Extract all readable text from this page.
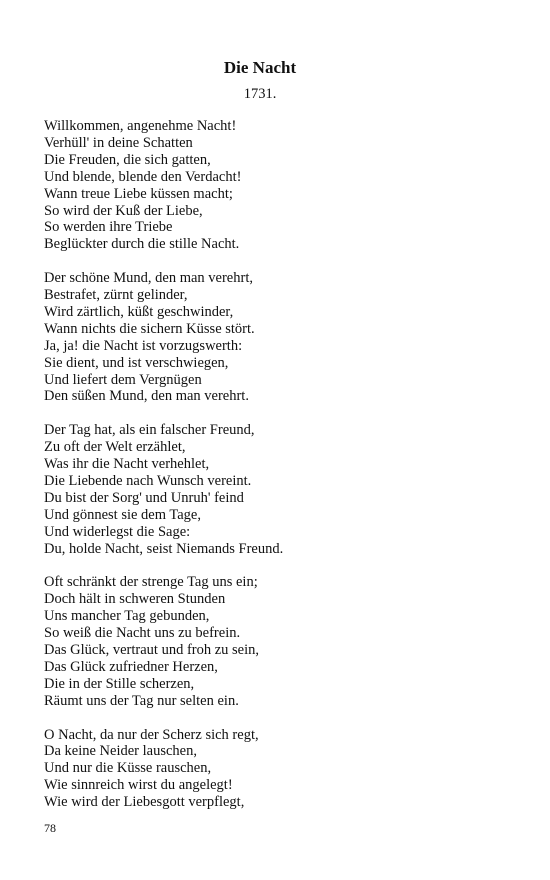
Die Nacht
1731.
Willkommen, angenehme Nacht!
Verhüll' in deine Schatten
Die Freuden, die sich gatten,
Und blende, blende den Verdacht!
Wann treue Liebe küssen macht;
So wird der Kuß der Liebe,
So werden ihre Triebe
Beglückter durch die stille Nacht.
Der schöne Mund, den man verehrt,
Bestrafet, zürnt gelinder,
Wird zärtlich, küßt geschwinder,
Wann nichts die sichern Küsse stört.
Ja, ja! die Nacht ist vorzugswerth:
Sie dient, und ist verschwiegen,
Und liefert dem Vergnügen
Den süßen Mund, den man verehrt.
Der Tag hat, als ein falscher Freund,
Zu oft der Welt erzählet,
Was ihr die Nacht verhehlet,
Die Liebende nach Wunsch vereint.
Du bist der Sorg' und Unruh' feind
Und gönnest sie dem Tage,
Und widerlegst die Sage:
Du, holde Nacht, seist Niemands Freund.
Oft schränkt der strenge Tag uns ein;
Doch hält in schweren Stunden
Uns mancher Tag gebunden,
So weiß die Nacht uns zu befrein.
Das Glück, vertraut und froh zu sein,
Das Glück zufriedner Herzen,
Die in der Stille scherzen,
Räumt uns der Tag nur selten ein.
O Nacht, da nur der Scherz sich regt,
Da keine Neider lauschen,
Und nur die Küsse rauschen,
Wie sinnreich wirst du angelegt!
Wie wird der Liebesgott verpflegt,
78
